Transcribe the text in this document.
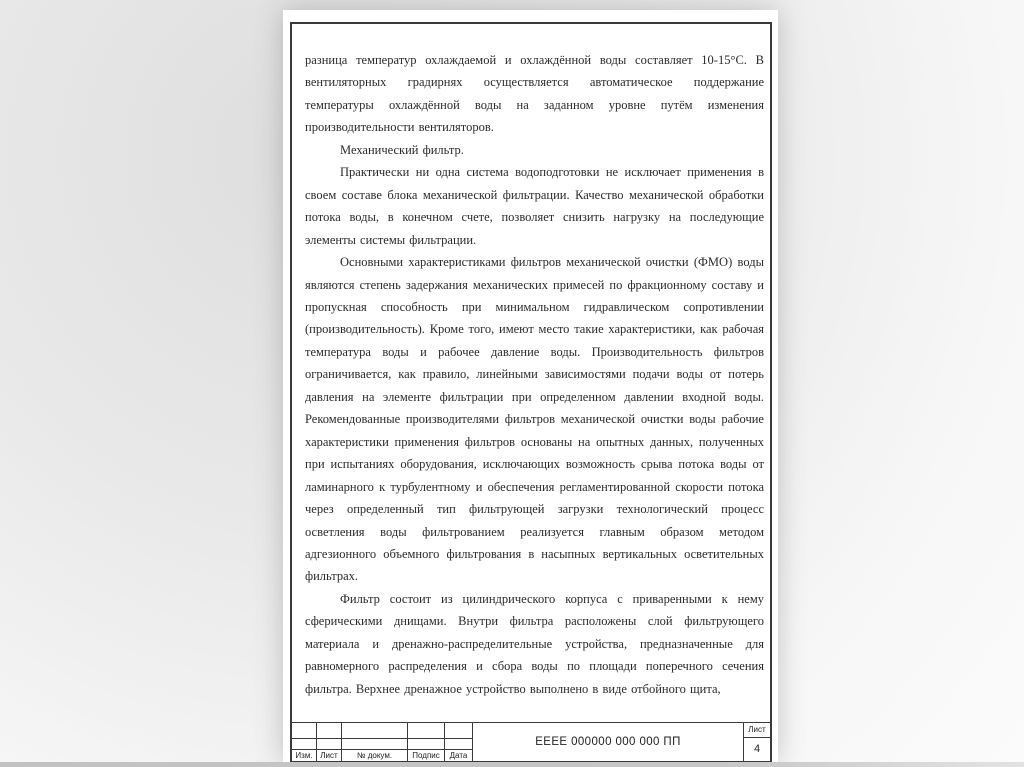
разница температур охлаждаемой и охлаждённой воды составляет 10-15°С. В вентиляторных градирнях осуществляется автоматическое поддержание температуры охлаждённой воды на заданном уровне путём изменения производительности вентиляторов.

Механический фильтр.

Практически ни одна система водоподготовки не исключает применения в своем составе блока механической фильтрации. Качество механической обработки потока воды, в конечном счете, позволяет снизить нагрузку на последующие элементы системы фильтрации.

Основными характеристиками фильтров механической очистки (ФМО) воды являются степень задержания механических примесей по фракционному составу и пропускная способность при минимальном гидравлическом сопротивлении (производительность). Кроме того, имеют место такие характеристики, как рабочая температура воды и рабочее давление воды. Производительность фильтров ограничивается, как правило, линейными зависимостями подачи воды от потерь давления на элементе фильтрации при определенном давлении входной воды. Рекомендованные производителями фильтров механической очистки воды рабочие характеристики применения фильтров основаны на опытных данных, полученных при испытаниях оборудования, исключающих возможность срыва потока воды от ламинарного к турбулентному и обеспечения регламентированной скорости потока через определенный тип фильтрующей загрузки технологический процесс осветления воды фильтрованием реализуется главным образом методом адгезионного объемного фильтрования в насыпных вертикальных осветительных фильтрах.

Фильтр состоит из цилиндрического корпуса с приваренными к нему сферическими днищами. Внутри фильтра расположены слой фильтрующего материала и дренажно-распределительные устройства, предназначенные для равномерного распределения и сбора воды по площади поперечного сечения фильтра. Верхнее дренажное устройство выполнено в виде отбойного щита,

Изм. Лист	№ докум.	Подпис	Дата
ЕЕЕЕ 000000 000 000 ПП
Лист
4
